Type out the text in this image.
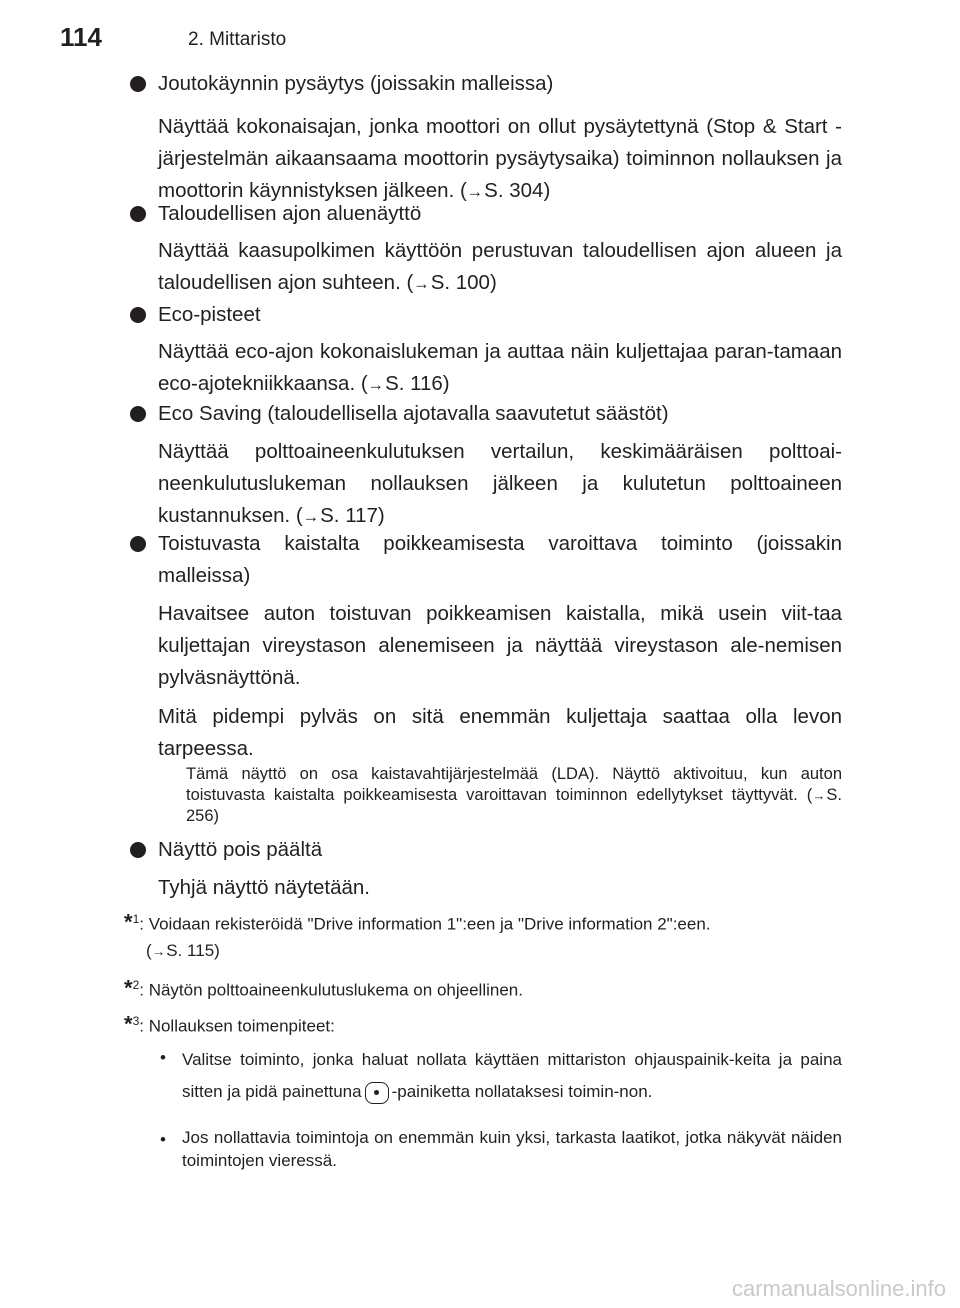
114	2. Mittaristo
Joutokäynnin pysäytys (joissakin malleissa)
Näyttää kokonaisajan, jonka moottori on ollut pysäytettynä (Stop & Start -järjestelmän aikaansaama moottorin pysäytysaika) toiminnon nollauksen ja moottorin käynnistyksen jälkeen. (→S. 304)
Taloudellisen ajon aluenäyttö
Näyttää kaasupolkimen käyttöön perustuvan taloudellisen ajon alueen ja taloudellisen ajon suhteen. (→S. 100)
Eco-pisteet
Näyttää eco-ajon kokonaislukeman ja auttaa näin kuljettajaa paran-tamaan eco-ajotekniikkaansa. (→S. 116)
Eco Saving (taloudellisella ajotavalla saavutetut säästöt)
Näyttää polttoaineenkulutuksen vertailun, keskimääräisen polttoai-neenkulutuslukeman nollauksen jälkeen ja kulutetun polttoaineen kustannuksen. (→S. 117)
Toistuvasta kaistalta poikkeamisesta varoittava toiminto (joissakin malleissa)
Havaitsee auton toistuvan poikkeamisen kaistalla, mikä usein viit-taa kuljettajan vireystason alenemiseen ja näyttää vireystason ale-nemisen pylväsnäyttönä.
Mitä pidempi pylväs on sitä enemmän kuljettaja saattaa olla levon tarpeessa.
Tämä näyttö on osa kaistavahtijärjestelmää (LDA). Näyttö aktivoituu, kun auton toistuvasta kaistalta poikkeamisesta varoittavan toiminnon edellytykset täyttyvät. (→S. 256)
Näyttö pois päältä
Tyhjä näyttö näytetään.
*$^1$: Voidaan rekisteröidä "Drive information 1":een ja "Drive information 2":een.
(→S. 115)
*$^2$: Näytön polttoaineenkulutuslukema on ohjeellinen.
*$^3$: Nollauksen toimenpiteet:
• Valitse toiminto, jonka haluat nollata käyttäen mittariston ohjauspainik-keita ja paina sitten ja pidä painettuna -painiketta nollataksesi toimin-non.
• Jos nollattavia toimintoja on enemmän kuin yksi, tarkasta laatikot, jotka näkyvät näiden toimintojen vieressä.
carmanualsonline.info
